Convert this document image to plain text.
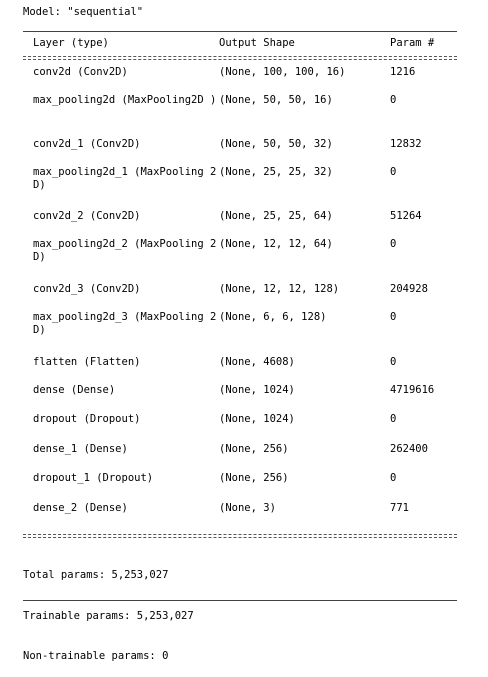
Model: "sequential"
Layer (type)	Output Shape	Param #
conv2d (Conv2D)	(None, 100, 100, 16)	1216
max_pooling2d (MaxPooling2D ) (None, 50, 50, 16)	0
conv2d_1 (Conv2D)	(None, 50, 50, 32)	12832
max_pooling2d_1 (MaxPooling 2D)
(None, 25, 25, 32)	0
conv2d_2 (Conv2D)	(None, 25, 25, 64)	51264
max_pooling2d_2 (MaxPooling 2D)
(None, 12, 12, 64)	0
conv2d_3 (Conv2D)	(None, 12, 12, 128)	204928
max_pooling2d_3 (MaxPooling 2D)
(None, 6, 6, 128)	0
flatten (Flatten)	(None, 4608)	0
dense (Dense)	(None, 1024)	4719616
dropout (Dropout)	(None, 1024)	0
dense_1 (Dense)	(None, 256)	262400
dropout_1 (Dropout)	(None, 256)	0
dense_2 (Dense)	(None, 3)	771

Total params: 5,253,027

Trainable params: 5,253,027

Non-trainable params: 0
